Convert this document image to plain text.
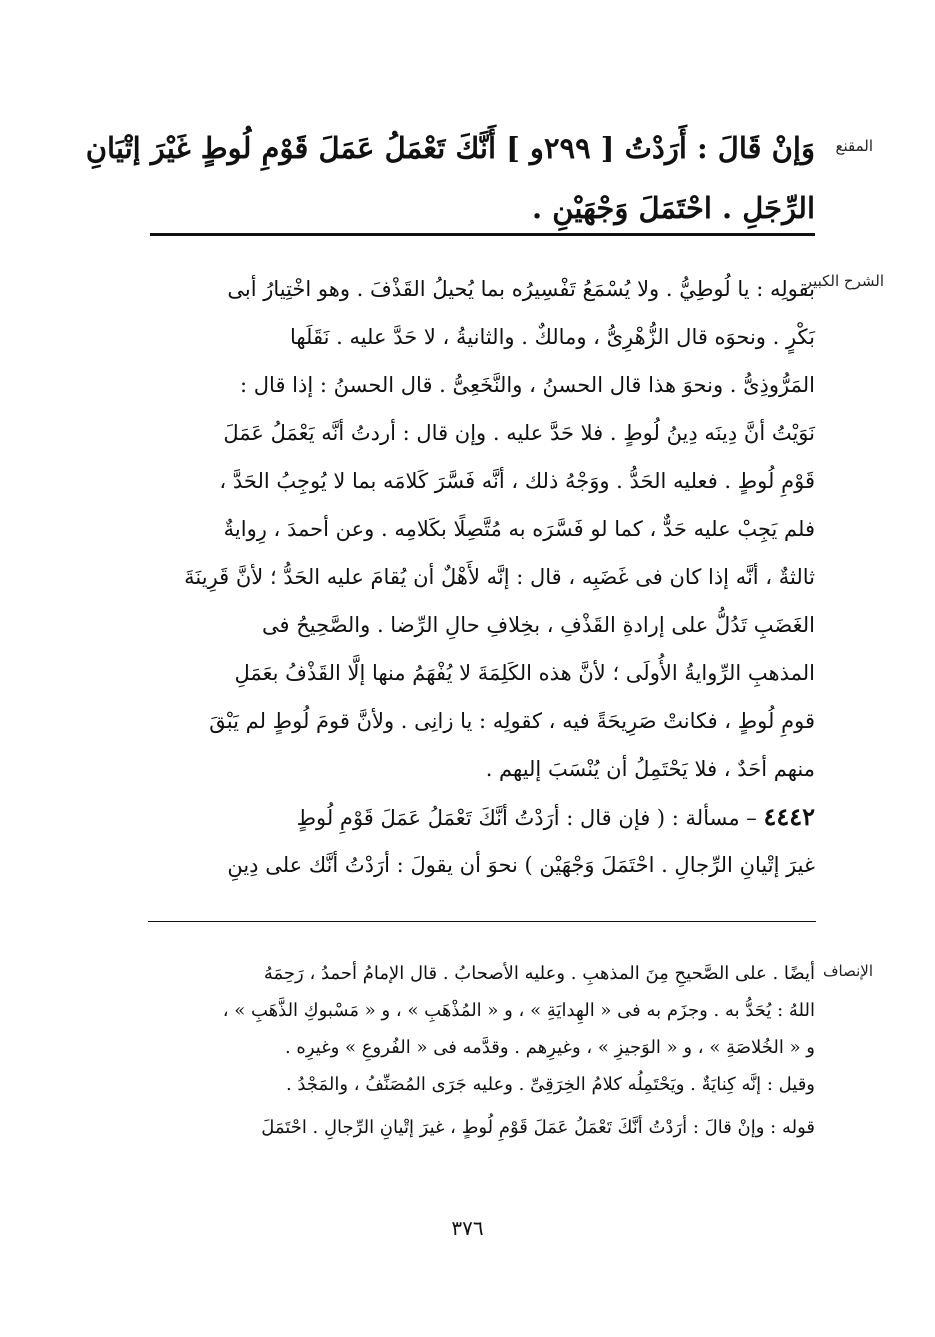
المقنع
وَإنْ قَالَ : أَرَدْتُ [ ٢٩٩و ] أَنَّكَ تَعْمَلُ عَمَلَ قَوْمِ لُوطٍ غَيْرَ إتْيَانِ
الرِّجَلِ . احْتَمَلَ وَجْهَيْنِ .
الشرح الكبير
بقولِه : يا لُوطِيُّ . ولا يُسْمَعُ تَفْسِيرُه بما يُحيلُ القَذْفَ . وهو اخْتِيارُ أبى
بَكْرٍ . ونحوَه قال الزُّهْرِىُّ ، ومالكٌ . والثانيةُ ، لا حَدَّ عليه . نَقَلَها
المَرُّوذِىُّ . ونحوَ هذا قال الحسنُ ، والنَّخَعِىُّ . قال الحسنُ : إذا قال :
نَوَيْتُ أنَّ دِينَه دِينُ لُوطٍ . فلا حَدَّ عليه . وإن قال : أردتُ أنَّه يَعْمَلُ عَمَلَ
قَوْمِ لُوطٍ . فعليه الحَدُّ . ووَجْهُ ذلك ، أنَّه فَسَّرَ كَلامَه بما لا يُوجِبُ الحَدَّ ،
فلم يَجِبْ عليه حَدٌّ ، كما لو فَسَّرَه به مُتَّصِلًا بكَلامِه . وعن أحمدَ ، رِوايةٌ
ثالثةٌ ، أنَّه إذا كان فى غَضَبِه ، قال : إنَّه لأَهْلٌ أن يُقامَ عليه الحَدُّ ؛ لأنَّ قَرِينَةَ
الغَضَبِ تَدُلُّ على إرادةِ القَذْفِ ، بخِلافِ حالِ الرِّضا . والصَّحِيحُ فى
المذهبِ الرِّوايةُ الأُولَى ؛ لأنَّ هذه الكَلِمَةَ لا يُفْهَمُ منها إلَّا القَذْفُ بعَمَلِ
قومِ لُوطٍ ، فكانتْ صَرِيحَةً فيه ، كقولِه : يا زانِى . ولأنَّ قومَ لُوطٍ لم يَبْقَ
منهم أحَدٌ ، فلا يَحْتَمِلُ أن يُنْسَبَ إليهم .
٤٤٤٢ – مسألة : ( فإن قال : أرَدْتُ أنَّكَ تَعْمَلُ عَمَلَ قَوْمِ لُوطٍ
غيرَ إتْيانِ الرِّجالِ . احْتَمَلَ وَجْهَيْن ) نحوَ أن يقولَ : أرَدْتُ أنَّك على دِينِ
الإنصاف
أيضًا . على الصَّحيحِ مِنَ المذهبِ . وعليه الأصحابُ . قال الإمامُ أحمدُ ، رَحِمَهُ
اللهُ : يُحَدُّ به . وجزَم به فى « الهِدايَةِ » ، و « المُذْهَبِ » ، و « مَسْبوكِ الذَّهَبِ » ،
و « الخُلاصَةِ » ، و « الوَجيزِ » ، وغيرِهم . وقدَّمه فى « الفُروعِ » وغيرِه .
وقيل : إنَّه كِنايَةٌ . ويَحْتَمِلُه كلامُ الخِرَقِىِّ . وعليه جَرَى المُصَنِّفُ ، والمَجْدُ .
قوله : وإنْ قالَ : أرَدْتُ أنَّكَ تَعْمَلُ عَمَلَ قَوْمِ لُوطٍ ، غيرَ إتْيانِ الرِّجالِ . احْتَمَلَ
٣٧٦
